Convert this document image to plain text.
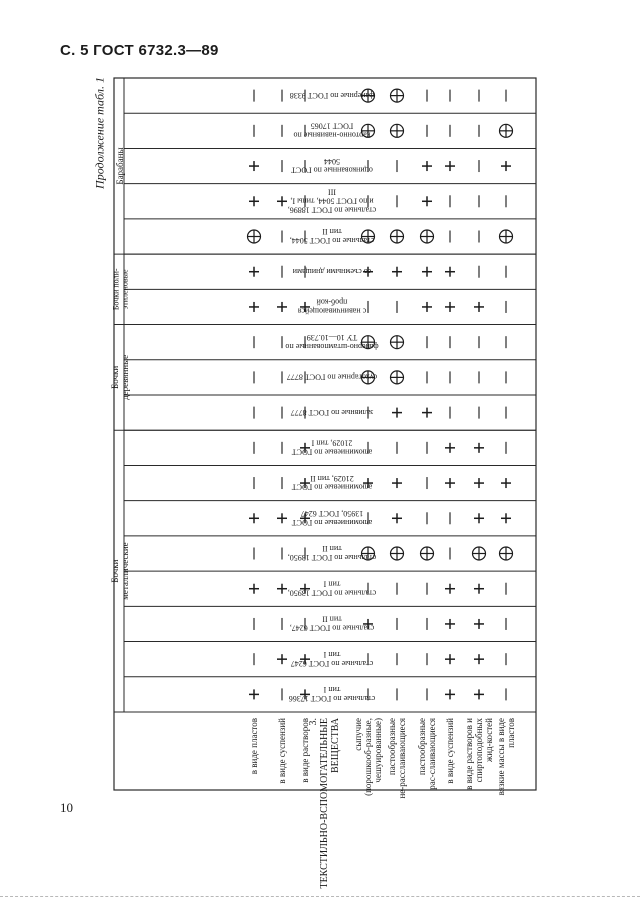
С. 5 ГОСТ 6732.3—89
Продолжение табл. 1
10
Бочкиметаллические
Бочкидеревянные
Бочки поли-этиленовые
Барабаны
стальные по ГОСТ 17366тип I
стальные по ГОСТ 6247тип I
стальные по ГОСТ 6247,тип II
стальные по ГОСТ 13950,тип I
стальные по ГОСТ 13950,тип II
алюминиевые по ГОСТ13950, ГОСТ 6247
алюминиевые по ГОСТ21029, тип II
алюминиевые по ГОСТ21029, тип I
заливные по ГОСТ 8777
сухотарные по ГОСТ 8777
фанерно-штампованные поТУ 10—10.739
с навинчивающейсяпроб-кой
со съемными днищами
стальные по ГОСТ 5044,тип II
стальные по ГОСТ 18896,и по ГОСТ 5044, типы I,III
оцинкованные по ГОСТ5044
картонно-навивные поГОСТ 17065
фанерные по ГОСТ 9338
в виде пластов в виде суспензий в виде растворов
3.ТЕКСТИЛЬНО-ВСПОМОГАТЕЛЬНЫЕВЕЩЕСТВА сыпучие(порошкооб-разные,чешуированные) пастообразныене-расслаивающиеся пастообразныерас-слаивающиеся в виде суспензий в виде растворов испиртоподобныхжид-костей вязкие массы в видепластов
